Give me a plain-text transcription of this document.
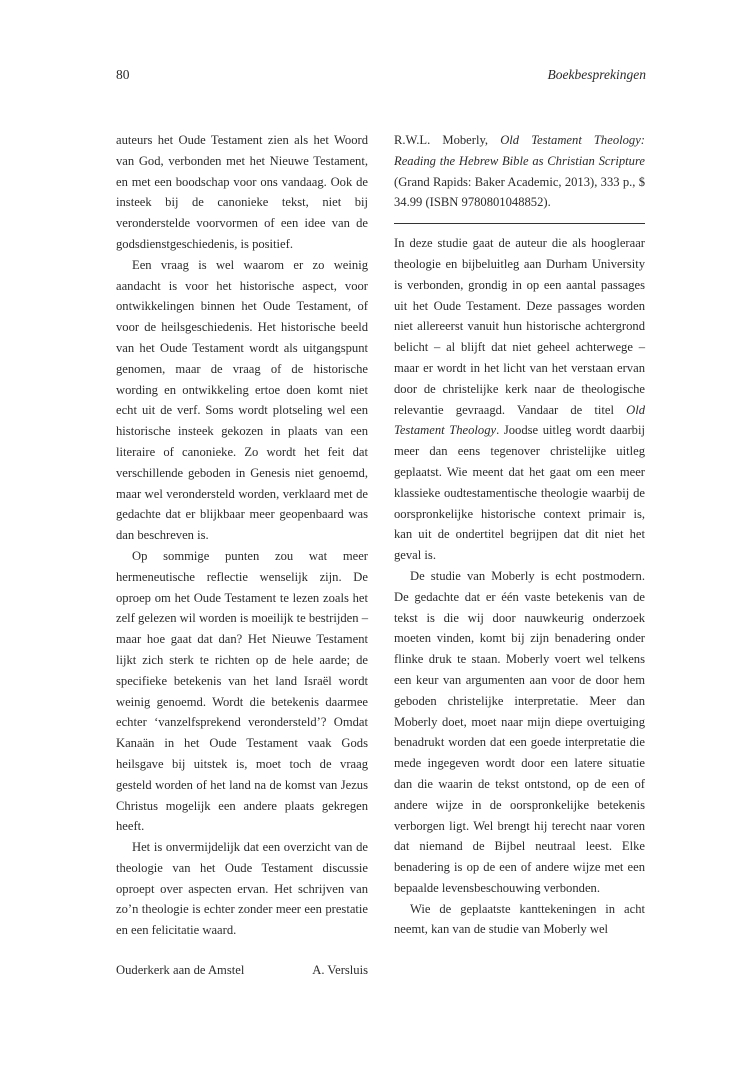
80	Boekbesprekingen

auteurs het Oude Testament zien als het Woord van God, verbonden met het Nieuwe Testament, en met een boodschap voor ons vandaag. Ook de insteek bij de canonieke tekst, niet bij veronderstelde voorvormen of een idee van de godsdienstgeschiedenis, is positief.

Een vraag is wel waarom er zo weinig aandacht is voor het historische aspect, voor ontwikkelingen binnen het Oude Testament, of voor de heilsgeschiedenis. Het historische beeld van het Oude Testament wordt als uitgangspunt genomen, maar de vraag of de historische wording en ontwikkeling ertoe doen komt niet echt uit de verf. Soms wordt plotseling wel een historische insteek gekozen in plaats van een literaire of canonieke. Zo wordt het feit dat verschillende geboden in Genesis niet genoemd, maar wel verondersteld worden, verklaard met de gedachte dat er blijkbaar meer geopenbaard was dan beschreven is.

Op sommige punten zou wat meer hermeneutische reflectie wenselijk zijn. De oproep om het Oude Testament te lezen zoals het zelf gelezen wil worden is moeilijk te bestrijden – maar hoe gaat dat dan? Het Nieuwe Testament lijkt zich sterk te richten op de hele aarde; de specifieke betekenis van het land Israël wordt weinig genoemd. Wordt die betekenis daarmee echter ‘vanzelfsprekend verondersteld’? Omdat Kanaän in het Oude Testament vaak Gods heilsgave bij uitstek is, moet toch de vraag gesteld worden of het land na de komst van Jezus Christus mogelijk een andere plaats gekregen heeft.

Het is onvermijdelijk dat een overzicht van de theologie van het Oude Testament discussie oproept over aspecten ervan. Het schrijven van zo’n theologie is echter zonder meer een prestatie en een felicitatie waard.

Ouderkerk aan de Amstel	A. Versluis

R.W.L. Moberly, Old Testament Theology: Reading the Hebrew Bible as Christian Scripture (Grand Rapids: Baker Academic, 2013), 333 p., $ 34.99 (ISBN 9780801048852).

In deze studie gaat de auteur die als hoogleraar theologie en bijbeluitleg aan Durham University is verbonden, grondig in op een aantal passages uit het Oude Testament. Deze passages worden niet allereerst vanuit hun historische achtergrond belicht – al blijft dat niet geheel achterwege – maar er wordt in het licht van het verstaan ervan door de christelijke kerk naar de theologische relevantie gevraagd. Vandaar de titel Old Testament Theology. Joodse uitleg wordt daarbij meer dan eens tegenover christelijke uitleg geplaatst. Wie meent dat het gaat om een meer klassieke oudtestamentische theologie waarbij de oorspronkelijke historische context primair is, kan uit de ondertitel begrijpen dat dit niet het geval is.

De studie van Moberly is echt postmodern. De gedachte dat er één vaste betekenis van de tekst is die wij door nauwkeurig onderzoek moeten vinden, komt bij zijn benadering onder flinke druk te staan. Moberly voert wel telkens een keur van argumenten aan voor de door hem geboden christelijke interpretatie. Meer dan Moberly doet, moet naar mijn diepe overtuiging benadrukt worden dat een goede interpretatie die mede ingegeven wordt door een latere situatie dan die waarin de tekst ontstond, op de een of andere wijze in de oorspronkelijke betekenis verborgen ligt. Wel brengt hij terecht naar voren dat niemand de Bijbel neutraal leest. Elke benadering is op de een of andere wijze met een bepaalde levensbeschouwing verbonden.

Wie de geplaatste kanttekeningen in acht neemt, kan van de studie van Moberly wel
